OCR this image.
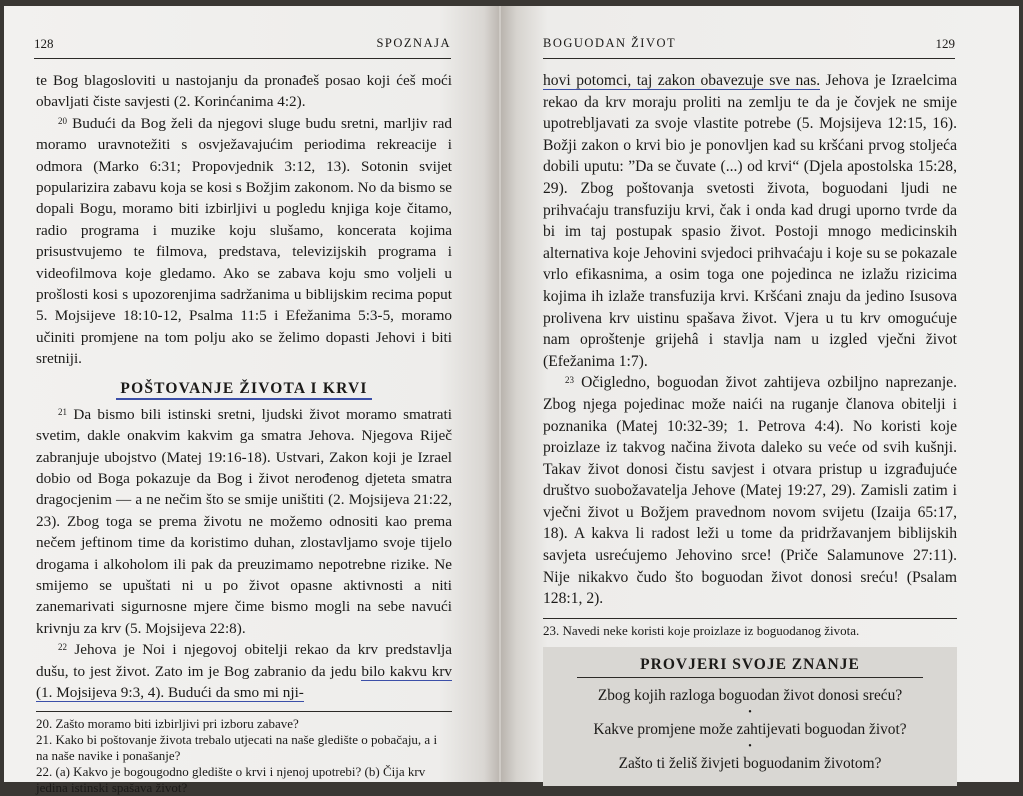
128	SPOZNAJA

te Bog blagosloviti u nastojanju da pronađeš posao koji ćeš moći obavljati čiste savjesti (2. Korinćanima 4:2).

$^{20}$ Budući da Bog želi da njegovi sluge budu sretni, marljiv rad moramo uravnotežiti s osvježavajućim periodima rekreacije i odmora (Marko 6:31; Propovjednik 3:12, 13). Sotonin svijet popularizira zabavu koja se kosi s Božjim zakonom. No da bismo se dopali Bogu, moramo biti izbirljivi u pogledu knjiga koje čitamo, radio programa i muzike koju slušamo, koncerata kojima prisustvujemo te filmova, predstava, televizijskih programa i videofilmova koje gledamo. Ako se zabava koju smo voljeli u prošlosti kosi s upozorenjima sadržanima u biblijskim recima poput 5. Mojsijeve 18:10-12, Psalma 11:5 i Efežanima 5:3-5, moramo učiniti promjene na tom polju ako se želimo dopasti Jehovi i biti sretniji.

POŠTOVANJE ŽIVOTA I KRVI

$^{21}$ Da bismo bili istinski sretni, ljudski život moramo smatrati svetim, dakle onakvim kakvim ga smatra Jehova. Njegova Riječ zabranjuje ubojstvo (Matej 19:16-18). Ustvari, Zakon koji je Izrael dobio od Boga pokazuje da Bog i život nerođenog djeteta smatra dragocjenim — a ne nečim što se smije uništiti (2. Mojsijeva 21:22, 23). Zbog toga se prema životu ne možemo odnositi kao prema nečem jeftinom time da koristimo duhan, zlostavljamo svoje tijelo drogama i alkoholom ili pak da preuzimamo nepotrebne rizike. Ne smijemo se upuštati ni u po život opasne aktivnosti a niti zanemarivati sigurnosne mjere čime bismo mogli na sebe navući krivnju za krv (5. Mojsijeva 22:8).

$^{22}$ Jehova je Noi i njegovoj obitelji rekao da krv predstavlja dušu, to jest život. Zato im je Bog zabranio da jedu bilo kakvu krv (1. Mojsijeva 9:3, 4). Budući da smo mi nji-

20. Zašto moramo biti izbirljivi pri izboru zabave?
21. Kako bi poštovanje života trebalo utjecati na naše gledište o pobačaju, a i na naše navike i ponašanje?
22. (a) Kakvo je bogougodno gledište o krvi i njenoj upotrebi? (b) Čija krv jedina istinski spašava život?
BOGUODAN ŽIVOT	129

hovi potomci, taj zakon obavezuje sve nas. Jehova je Izraelcima rekao da krv moraju proliti na zemlju te da je čovjek ne smije upotrebljavati za svoje vlastite potrebe (5. Mojsijeva 12:15, 16). Božji zakon o krvi bio je ponovljen kad su kršćani prvog stoljeća dobili uputu: ”Da se čuvate (...) od krvi“ (Djela apostolska 15:28, 29). Zbog poštovanja svetosti života, boguodani ljudi ne prihvaćaju transfuziju krvi, čak i onda kad drugi uporno tvrde da bi im taj postupak spasio život. Postoji mnogo medicinskih alternativa koje Jehovini svjedoci prihvaćaju i koje su se pokazale vrlo efikasnima, a osim toga one pojedinca ne izlažu rizicima kojima ih izlaže transfuzija krvi. Kršćani znaju da jedino Isusova prolivena krv uistinu spašava život. Vjera u tu krv omogućuje nam oproštenje grijehâ i stavlja nam u izgled vječni život (Efežanima 1:7).

$^{23}$ Očigledno, boguodan život zahtijeva ozbiljno naprezanje. Zbog njega pojedinac može naići na ruganje članova obitelji i poznanika (Matej 10:32-39; 1. Petrova 4:4). No koristi koje proizlaze iz takvog načina života daleko su veće od svih kušnji. Takav život donosi čistu savjest i otvara pristup u izgrađujuće društvo suobožavatelja Jehove (Matej 19:27, 29). Zamisli zatim i vječni život u Božjem pravednom novom svijetu (Izaija 65:17, 18). A kakva li radost leži u tome da pridržavanjem biblijskih savjeta usrećujemo Jehovino srce! (Priče Salamunove 27:11). Nije nikakvo čudo što boguodan život donosi sreću! (Psalam 128:1, 2).

23. Navedi neke koristi koje proizlaze iz boguodanog života.
PROVJERI SVOJE ZNANJE
Zbog kojih razloga boguodan život donosi sreću?
•
Kakve promjene može zahtijevati boguodan život?
•
Zašto ti želiš živjeti boguodanim životom?
